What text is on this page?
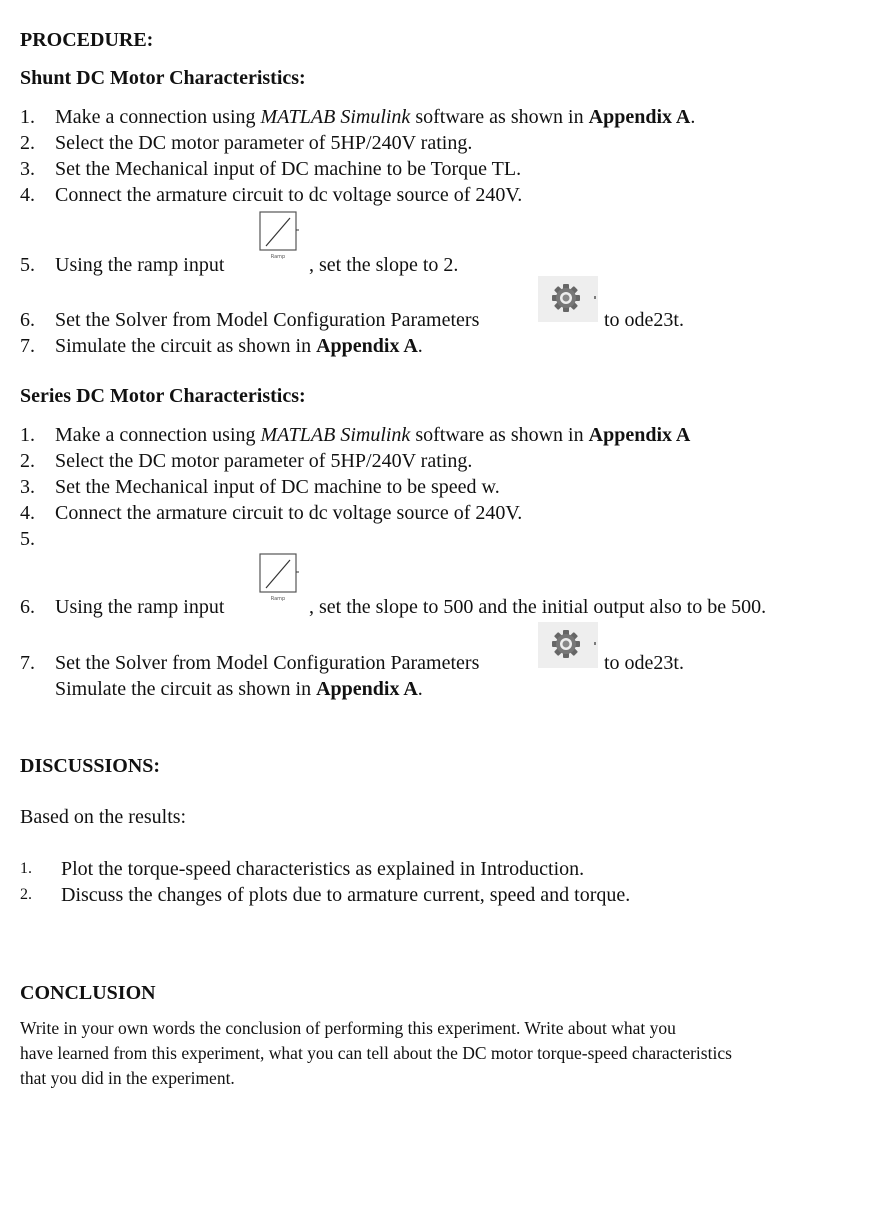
PROCEDURE:
Shunt DC Motor Characteristics:
1. Make a connection using MATLAB Simulink software as shown in Appendix A.
2. Select the DC motor parameter of 5HP/240V rating.
3. Set the Mechanical input of DC machine to be Torque TL.
4. Connect the armature circuit to dc voltage source of 240V.
5. Using the ramp input	Ramp , set the slope to 2.
6. Set the Solver from Model Configuration Parameters	to ode23t.
7. Simulate the circuit as shown in Appendix A.
Series DC Motor Characteristics:
1. Make a connection using MATLAB Simulink software as shown in Appendix A
2. Select the DC motor parameter of 5HP/240V rating.
3. Set the Mechanical input of DC machine to be speed w.
4. Connect the armature circuit to dc voltage source of 240V.
5.
6. Using the ramp input	Ramp , set the slope to 500 and the initial output also to be 500.
7. Set the Solver from Model Configuration Parameters	to ode23t.
Simulate the circuit as shown in Appendix A.
DISCUSSIONS:
Based on the results:
1. Plot the torque-speed characteristics as explained in Introduction.
2. Discuss the changes of plots due to armature current, speed and torque.
CONCLUSION
Write in your own words the conclusion of performing this experiment. Write about what you
have learned from this experiment, what you can tell about the DC motor torque-speed characteristics
that you did in the experiment.
